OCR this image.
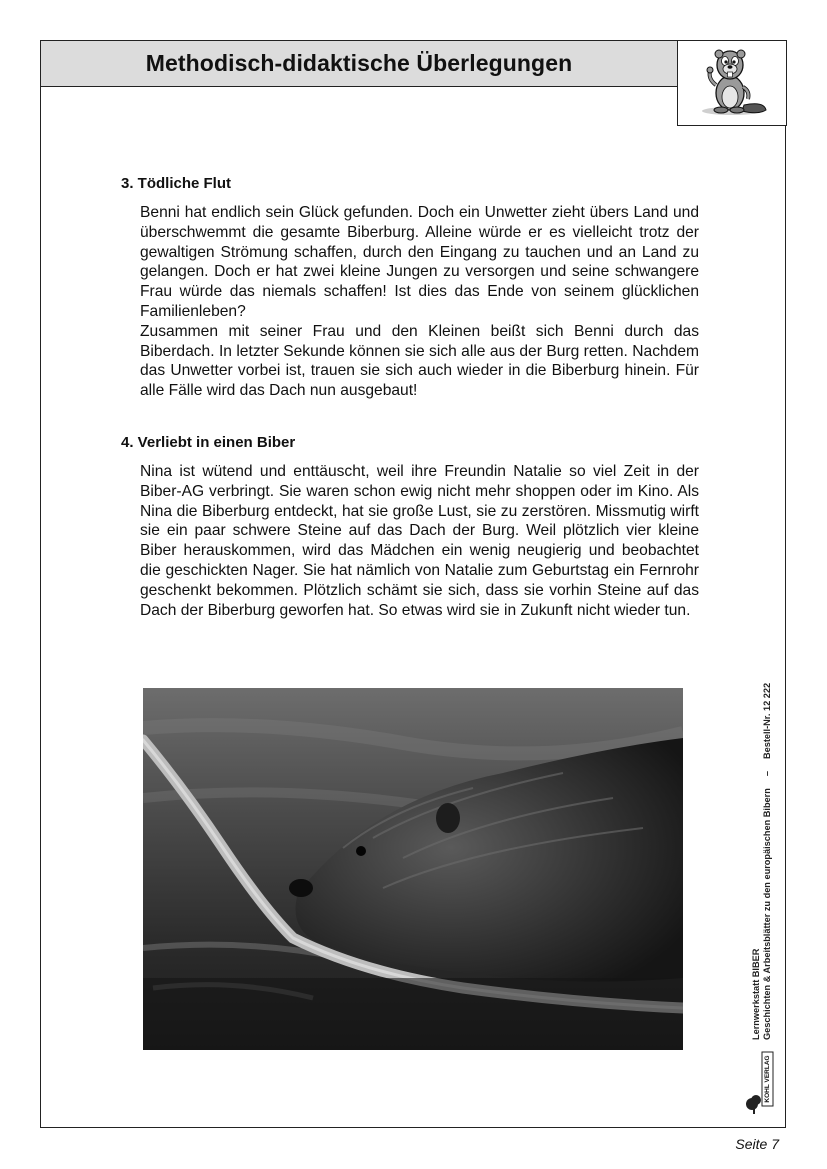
Methodisch-didaktische Überlegungen
3. Tödliche Flut

Benni hat endlich sein Glück gefunden. Doch ein Unwetter zieht übers Land und überschwemmt die gesamte Biberburg. Alleine würde er es vielleicht trotz der gewaltigen Strömung schaffen, durch den Eingang zu tauchen und an Land zu gelangen. Doch er hat zwei kleine Jungen zu versorgen und seine schwangere Frau würde das niemals schaffen! Ist dies das Ende von seinem glücklichen Familienleben?

Zusammen mit seiner Frau und den Kleinen beißt sich Benni durch das Biberdach. In letzter Sekunde können sie sich alle aus der Burg retten. Nachdem das Unwetter vorbei ist, trauen sie sich auch wieder in die Biberburg hinein. Für alle Fälle wird das Dach nun ausgebaut!

4. Verliebt in einen Biber

Nina ist wütend und enttäuscht, weil ihre Freundin Natalie so viel Zeit in der Biber-AG verbringt. Sie waren schon ewig nicht mehr shoppen oder im Kino. Als Nina die Biberburg entdeckt, hat sie große Lust, sie zu zerstören. Missmutig wirft sie ein paar schwere Steine auf das Dach der Burg. Weil plötzlich vier kleine Biber herauskommen, wird das Mädchen ein wenig neugierig und beobachtet die geschickten Nager. Sie hat nämlich von Natalie zum Geburtstag ein Fernrohr geschenkt bekommen. Plötzlich schämt sie sich, dass sie vorhin Steine auf das Dach der Biberburg geworfen hat. So etwas wird sie in Zukunft nicht wieder tun.

Lernwerkstatt BIBER Geschichten & Arbeitsblätter zu den europäischen Bibern
–
Bestell-Nr. 12 222
KOHL VERLAG
Seite 7
